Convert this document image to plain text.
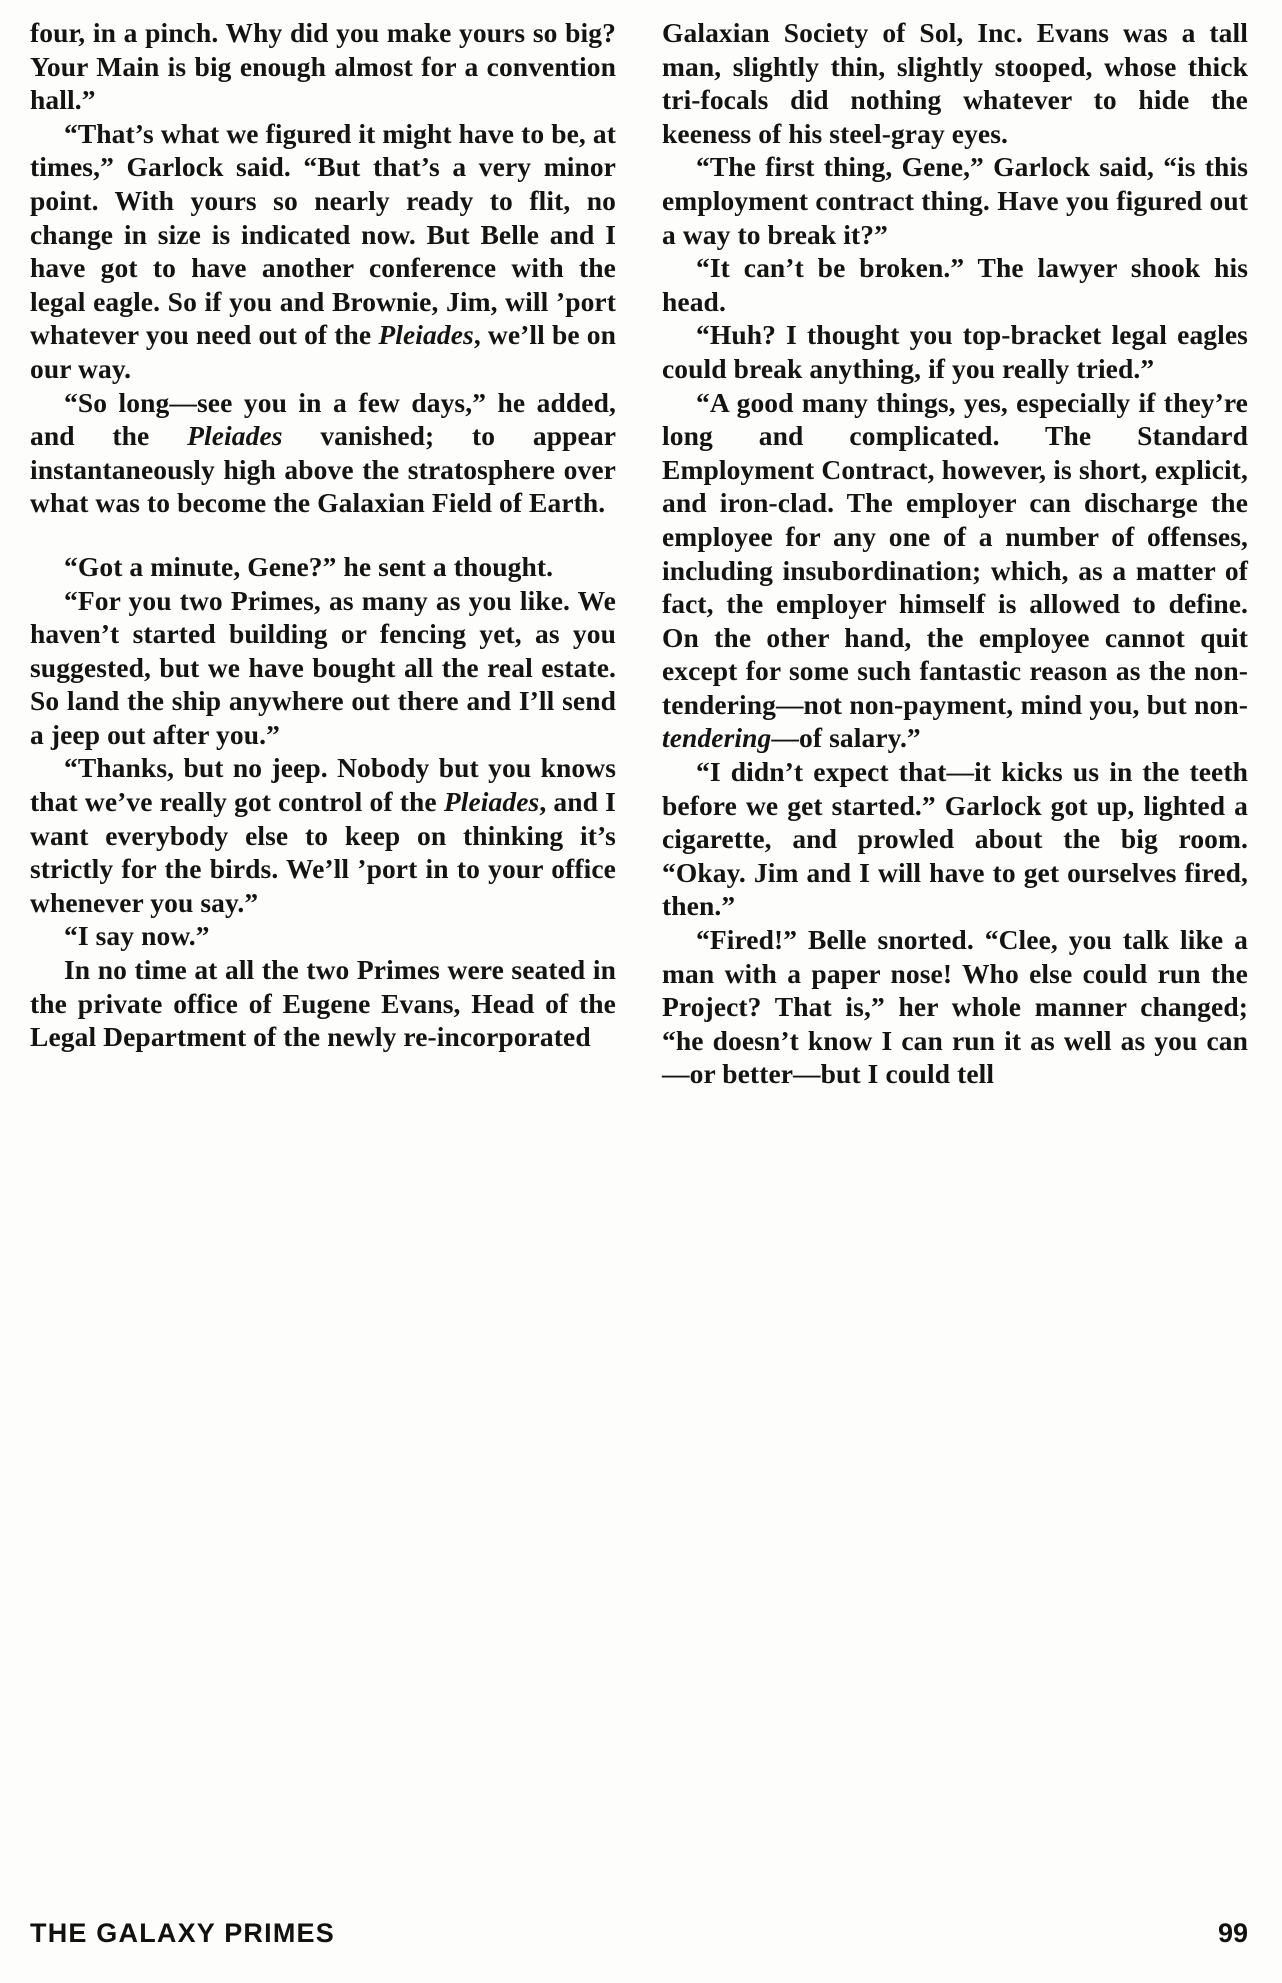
four, in a pinch. Why did you make yours so big? Your Main is big enough almost for a convention hall.”

“That’s what we figured it might have to be, at times,” Garlock said. “But that’s a very minor point. With yours so nearly ready to flit, no change in size is indicated now. But Belle and I have got to have another conference with the legal eagle. So if you and Brownie, Jim, will ’port whatever you need out of the Pleiades, we’ll be on our way.

“So long—see you in a few days,” he added, and the Pleiades vanished; to appear instantaneously high above the stratosphere over what was to become the Galaxian Field of Earth.

“Got a minute, Gene?” he sent a thought.

“For you two Primes, as many as you like. We haven’t started building or fencing yet, as you suggested, but we have bought all the real estate. So land the ship anywhere out there and I’ll send a jeep out after you.”

“Thanks, but no jeep. Nobody but you knows that we’ve really got control of the Pleiades, and I want everybody else to keep on thinking it’s strictly for the birds. We’ll ’port in to your office whenever you say.”

“I say now.”

In no time at all the two Primes were seated in the private office of Eugene Evans, Head of the Legal Department of the newly re-incorporated

Galaxian Society of Sol, Inc. Evans was a tall man, slightly thin, slightly stooped, whose thick tri-focals did nothing whatever to hide the keeness of his steel-gray eyes.

“The first thing, Gene,” Garlock said, “is this employment contract thing. Have you figured out a way to break it?”

“It can’t be broken.” The lawyer shook his head.

“Huh? I thought you top-bracket legal eagles could break anything, if you really tried.”

“A good many things, yes, especially if they’re long and complicated. The Standard Employment Contract, however, is short, explicit, and iron-clad. The employer can discharge the employee for any one of a number of offenses, including insubordination; which, as a matter of fact, the employer himself is allowed to define. On the other hand, the employee cannot quit except for some such fantastic reason as the non-tendering—not non-payment, mind you, but non-tendering—of salary.”

“I didn’t expect that—it kicks us in the teeth before we get started.” Garlock got up, lighted a cigarette, and prowled about the big room. “Okay. Jim and I will have to get ourselves fired, then.”

“Fired!” Belle snorted. “Clee, you talk like a man with a paper nose! Who else could run the Project? That is,” her whole manner changed; “he doesn’t know I can run it as well as you can—or better—but I could tell

THE GALAXY PRIMES	99
